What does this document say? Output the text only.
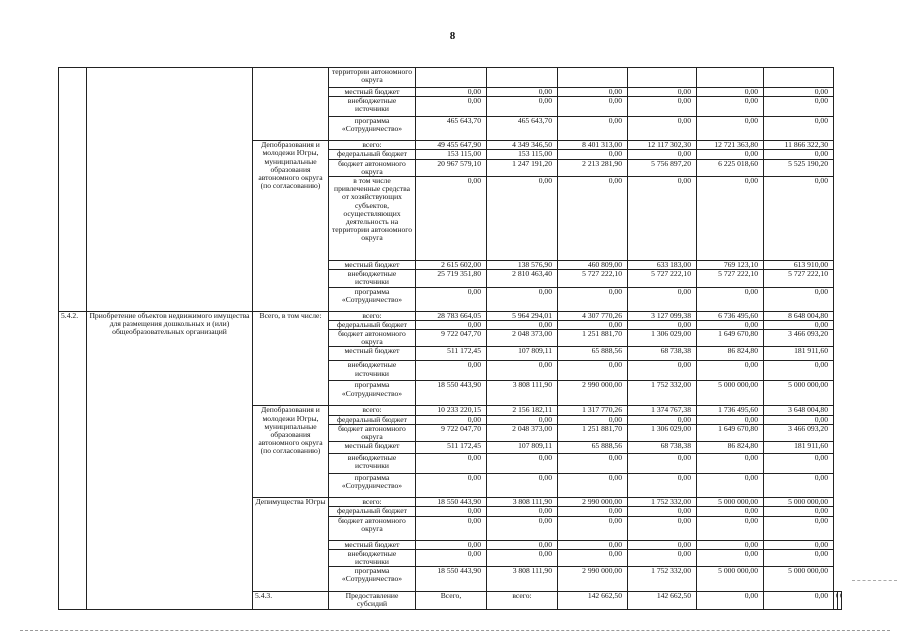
8
			территории автономного округа								
			местный бюджет	0,00	0,00	0,00	0,00	0,00	0,00		
			внебюджетные источники	0,00	0,00	0,00	0,00	0,00	0,00		
			программа «Сотрудничество»	465 643,70	465 643,70	0,00	0,00	0,00	0,00		
		Депобразования и молодежи Югры, муниципальные образования автономного округа (по согласованию)	всего:	49 455 647,90	4 349 346,50	8 401 313,00	12 117 302,30	12 721 363,80	11 866 322,30		
			федеральный бюджет	153 115,00	153 115,00	0,00	0,00	0,00	0,00		
			бюджет автономного округа	20 967 579,10	1 247 191,20	2 213 281,90	5 756 897,20	6 225 018,60	5 525 190,20		
			в том числе привлеченные средства от хозяйствующих субъектов, осуществляющих деятельность на территории автономного округа	0,00	0,00	0,00	0,00	0,00	0,00		
			местный бюджет	2 615 602,00	138 576,90	460 809,00	633 183,00	769 123,10	613 910,00		
			внебюджетные источники	25 719 351,80	2 810 463,40	5 727 222,10	5 727 222,10	5 727 222,10	5 727 222,10		
			программа «Сотрудничество»	0,00	0,00	0,00	0,00	0,00	0,00		
5.4.2.	Приобретение объектов недвижимого имущества для размещения дошкольных и (или) общеобразовательных организаций	Всего, в том числе:	всего:	28 783 664,05	5 964 294,01	4 307 770,26	3 127 099,38	6 736 495,60	8 648 004,80		
			федеральный бюджет	0,00	0,00	0,00	0,00	0,00	0,00		
			бюджет автономного округа	9 722 047,70	2 048 373,00	1 251 881,70	1 306 029,00	1 649 670,80	3 466 093,20		
			местный бюджет	511 172,45	107 809,11	65 888,56	68 738,38	86 824,80	181 911,60		
			внебюджетные источники	0,00	0,00	0,00	0,00	0,00	0,00		
			программа «Сотрудничество»	18 550 443,90	3 808 111,90	2 990 000,00	1 752 332,00	5 000 000,00	5 000 000,00		
		Депобразования и молодежи Югры, муниципальные образования автономного округа (по согласованию)	всего:	10 233 220,15	2 156 182,11	1 317 770,26	1 374 767,38	1 736 495,60	3 648 004,80		
			федеральный бюджет	0,00	0,00	0,00	0,00	0,00	0,00		
			бюджет автономного округа	9 722 047,70	2 048 373,00	1 251 881,70	1 306 029,00	1 649 670,80	3 466 093,20		
			местный бюджет	511 172,45	107 809,11	65 888,56	68 738,38	86 824,80	181 911,60		
			внебюджетные источники	0,00	0,00	0,00	0,00	0,00	0,00		
			программа «Сотрудничество»	0,00	0,00	0,00	0,00	0,00	0,00		
		Депимущества Югры	всего:	18 550 443,90	3 808 111,90	2 990 000,00	1 752 332,00	5 000 000,00	5 000 000,00		
			федеральный бюджет	0,00	0,00	0,00	0,00	0,00	0,00		
			бюджет автономного округа	0,00	0,00	0,00	0,00	0,00	0,00		
			местный бюджет	0,00	0,00	0,00	0,00	0,00	0,00		
			внебюджетные источники	0,00	0,00	0,00	0,00	0,00	0,00		
			программа «Сотрудничество»	18 550 443,90	3 808 111,90	2 990 000,00	1 752 332,00	5 000 000,00	5 000 000,00		
		5.4.3.	Предоставление субсидий	Всего,	всего:	142 662,50	142 662,50	0,00	0,00		
